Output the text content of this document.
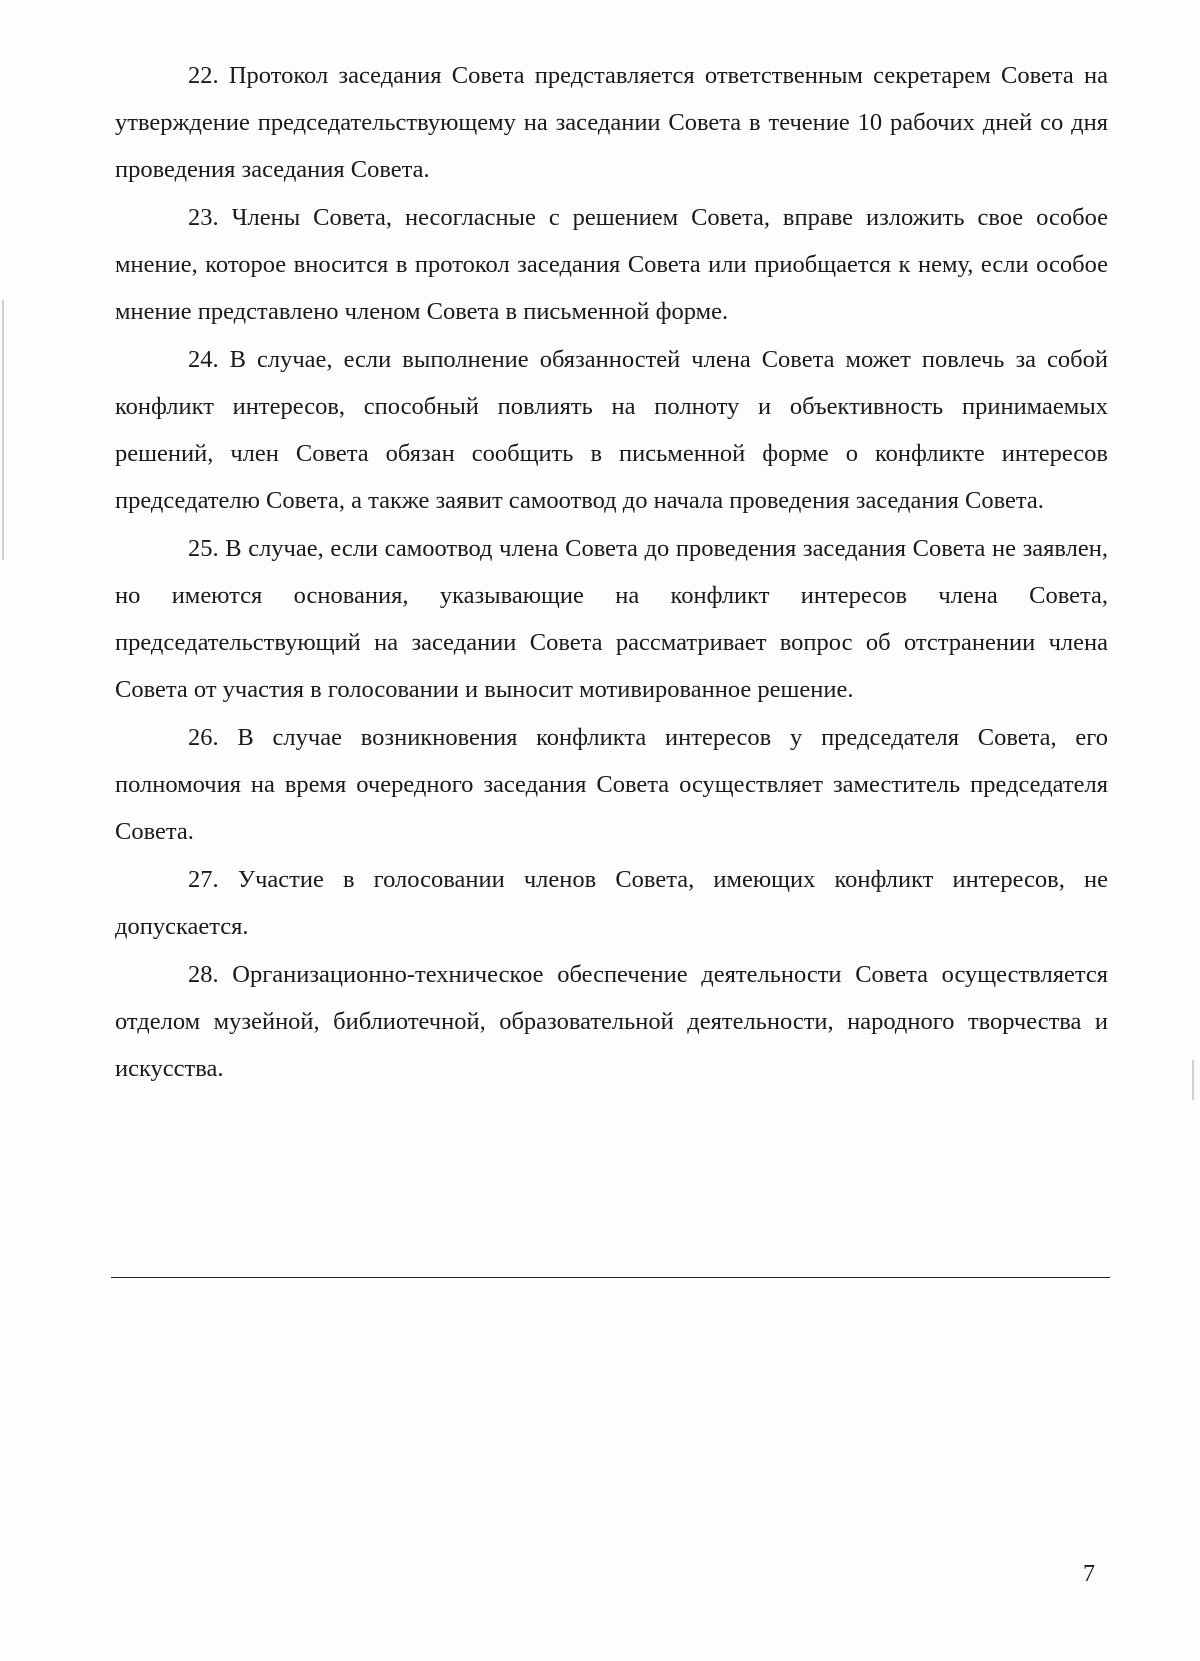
22. Протокол заседания Совета представляется ответственным секретарем Совета на утверждение председательствующему на заседании Совета в течение 10 рабочих дней со дня проведения заседания Совета.

23. Члены Совета, несогласные с решением Совета, вправе изложить свое особое мнение, которое вносится в протокол заседания Совета или приобщается к нему, если особое мнение представлено членом Совета в письменной форме.

24. В случае, если выполнение обязанностей члена Совета может повлечь за собой конфликт интересов, способный повлиять на полноту и объективность принимаемых решений, член Совета обязан сообщить в письменной форме о конфликте интересов председателю Совета, а также заявит самоотвод до начала проведения заседания Совета.

25. В случае, если самоотвод члена Совета до проведения заседания Совета не заявлен, но имеются основания, указывающие на конфликт интересов члена Совета, председательствующий на заседании Совета рассматривает вопрос об отстранении члена Совета от участия в голосовании и выносит мотивированное решение.

26. В случае возникновения конфликта интересов у председателя Совета, его полномочия на время очередного заседания Совета осуществляет заместитель председателя Совета.

27. Участие в голосовании членов Совета, имеющих конфликт интересов, не допускается.

28. Организационно-техническое обеспечение деятельности Совета осуществляется отделом музейной, библиотечной, образовательной деятельности, народного творчества и искусства.

7
